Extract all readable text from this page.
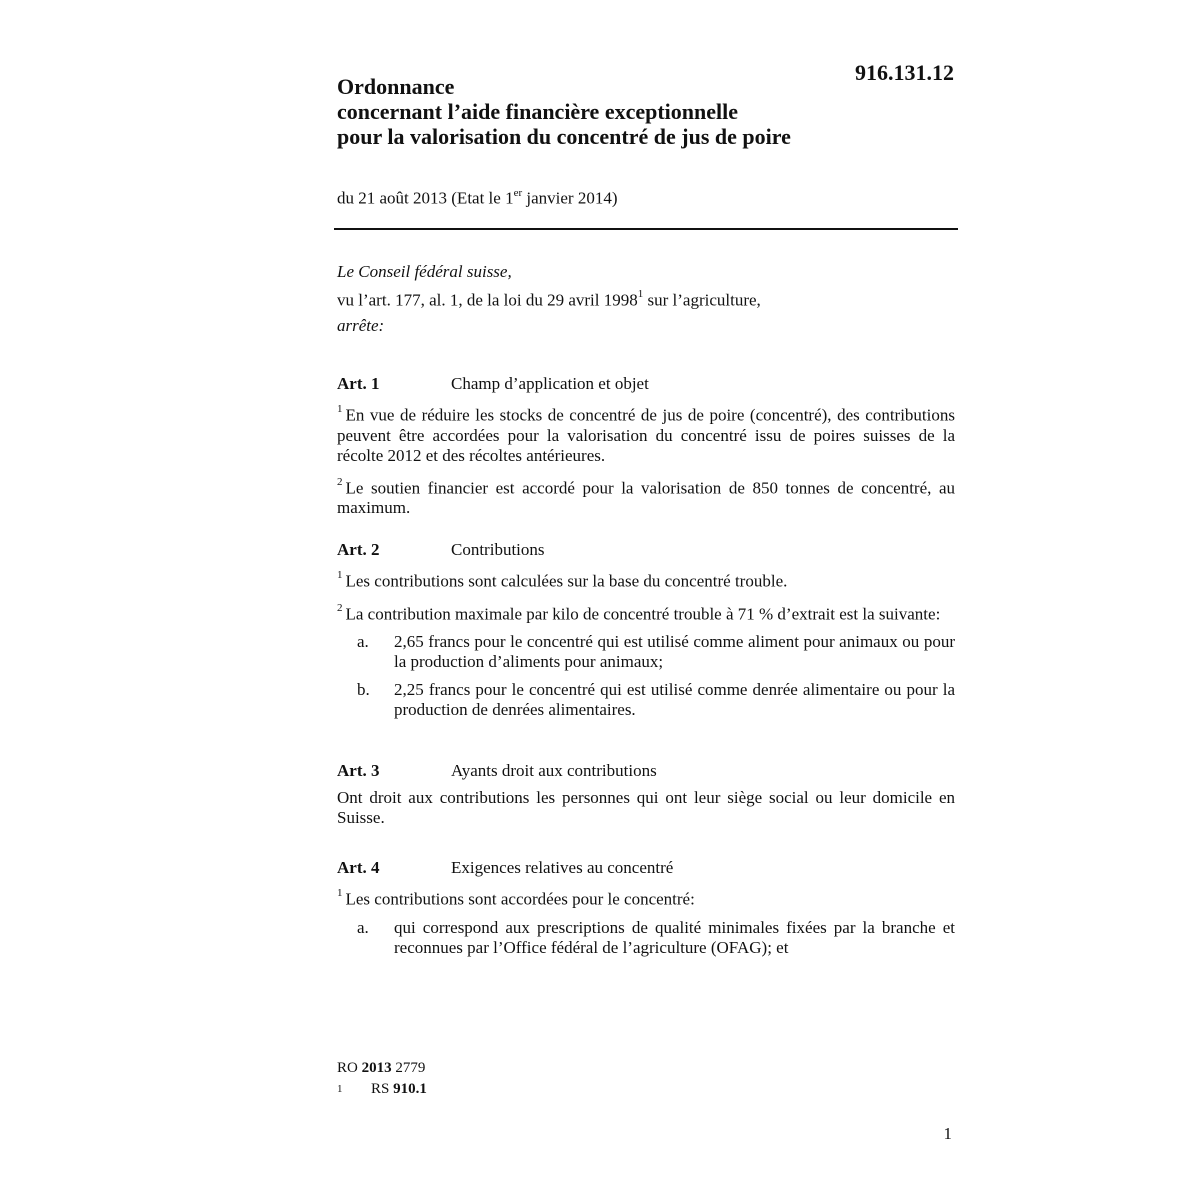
916.131.12
Ordonnance
concernant l’aide financière exceptionnelle
pour la valorisation du concentré de jus de poire
du 21 août 2013 (Etat le 1er janvier 2014)
Le Conseil fédéral suisse,
vu l’art. 177, al. 1, de la loi du 29 avril 1998$^1$ sur l’agriculture,
arrête:
Art. 1	Champ d’application et objet

$^1$ En vue de réduire les stocks de concentré de jus de poire (concentré), des contributions peuvent être accordées pour la valorisation du concentré issu de poires suisses de la récolte 2012 et des récoltes antérieures.

$^2$ Le soutien financier est accordé pour la valorisation de 850 tonnes de concentré, au maximum.

Art. 2	Contributions

$^1$ Les contributions sont calculées sur la base du concentré trouble.

$^2$ La contribution maximale par kilo de concentré trouble à 71 % d’extrait est la suivante:

a.	2,65 francs pour le concentré qui est utilisé comme aliment pour animaux ou pour la production d’aliments pour animaux;
b.	2,25 francs pour le concentré qui est utilisé comme denrée alimentaire ou pour la production de denrées alimentaires.
Art. 3	Ayants droit aux contributions

Ont droit aux contributions les personnes qui ont leur siège social ou leur domicile en Suisse.

Art. 4	Exigences relatives au concentré

$^1$ Les contributions sont accordées pour le concentré:

a.	qui correspond aux prescriptions de qualité minimales fixées par la branche et reconnues par l’Office fédéral de l’agriculture (OFAG); et
RO 2013 2779
1 RS 910.1
1
